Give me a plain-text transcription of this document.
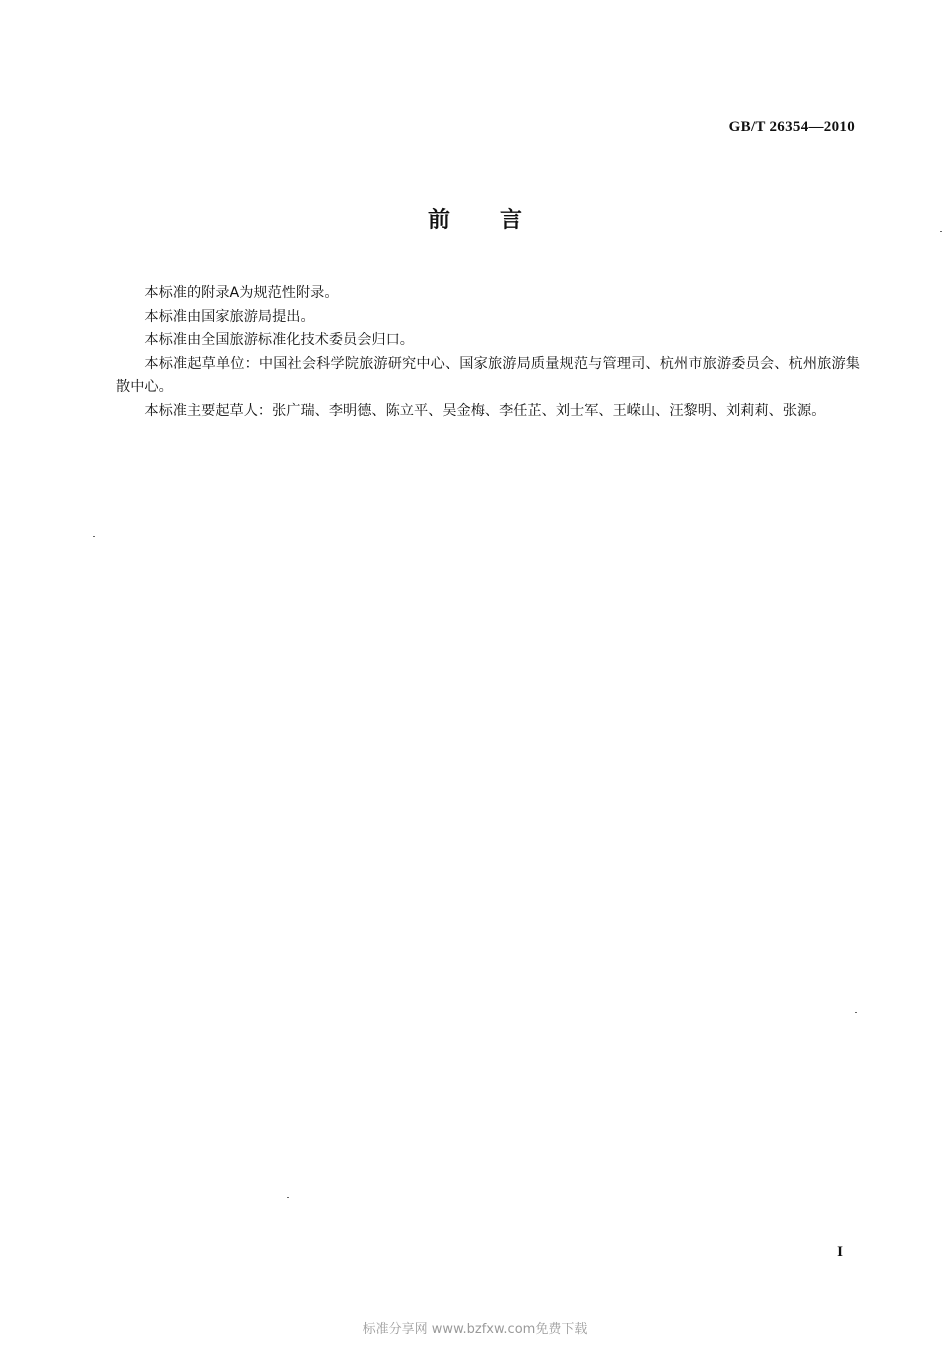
GB/T 26354—2010
前言

本标准的附录A为规范性附录。

本标准由国家旅游局提出。

本标准由全国旅游标准化技术委员会归口。

本标准起草单位：中国社会科学院旅游研究中心、国家旅游局质量规范与管理司、杭州市旅游委员会、杭州旅游集散中心。

本标准主要起草人：张广瑞、李明德、陈立平、吴金梅、李任芷、刘士军、王嵘山、汪黎明、刘莉莉、张源。

I
标准分享网 www.bzfxw.com免费下载
